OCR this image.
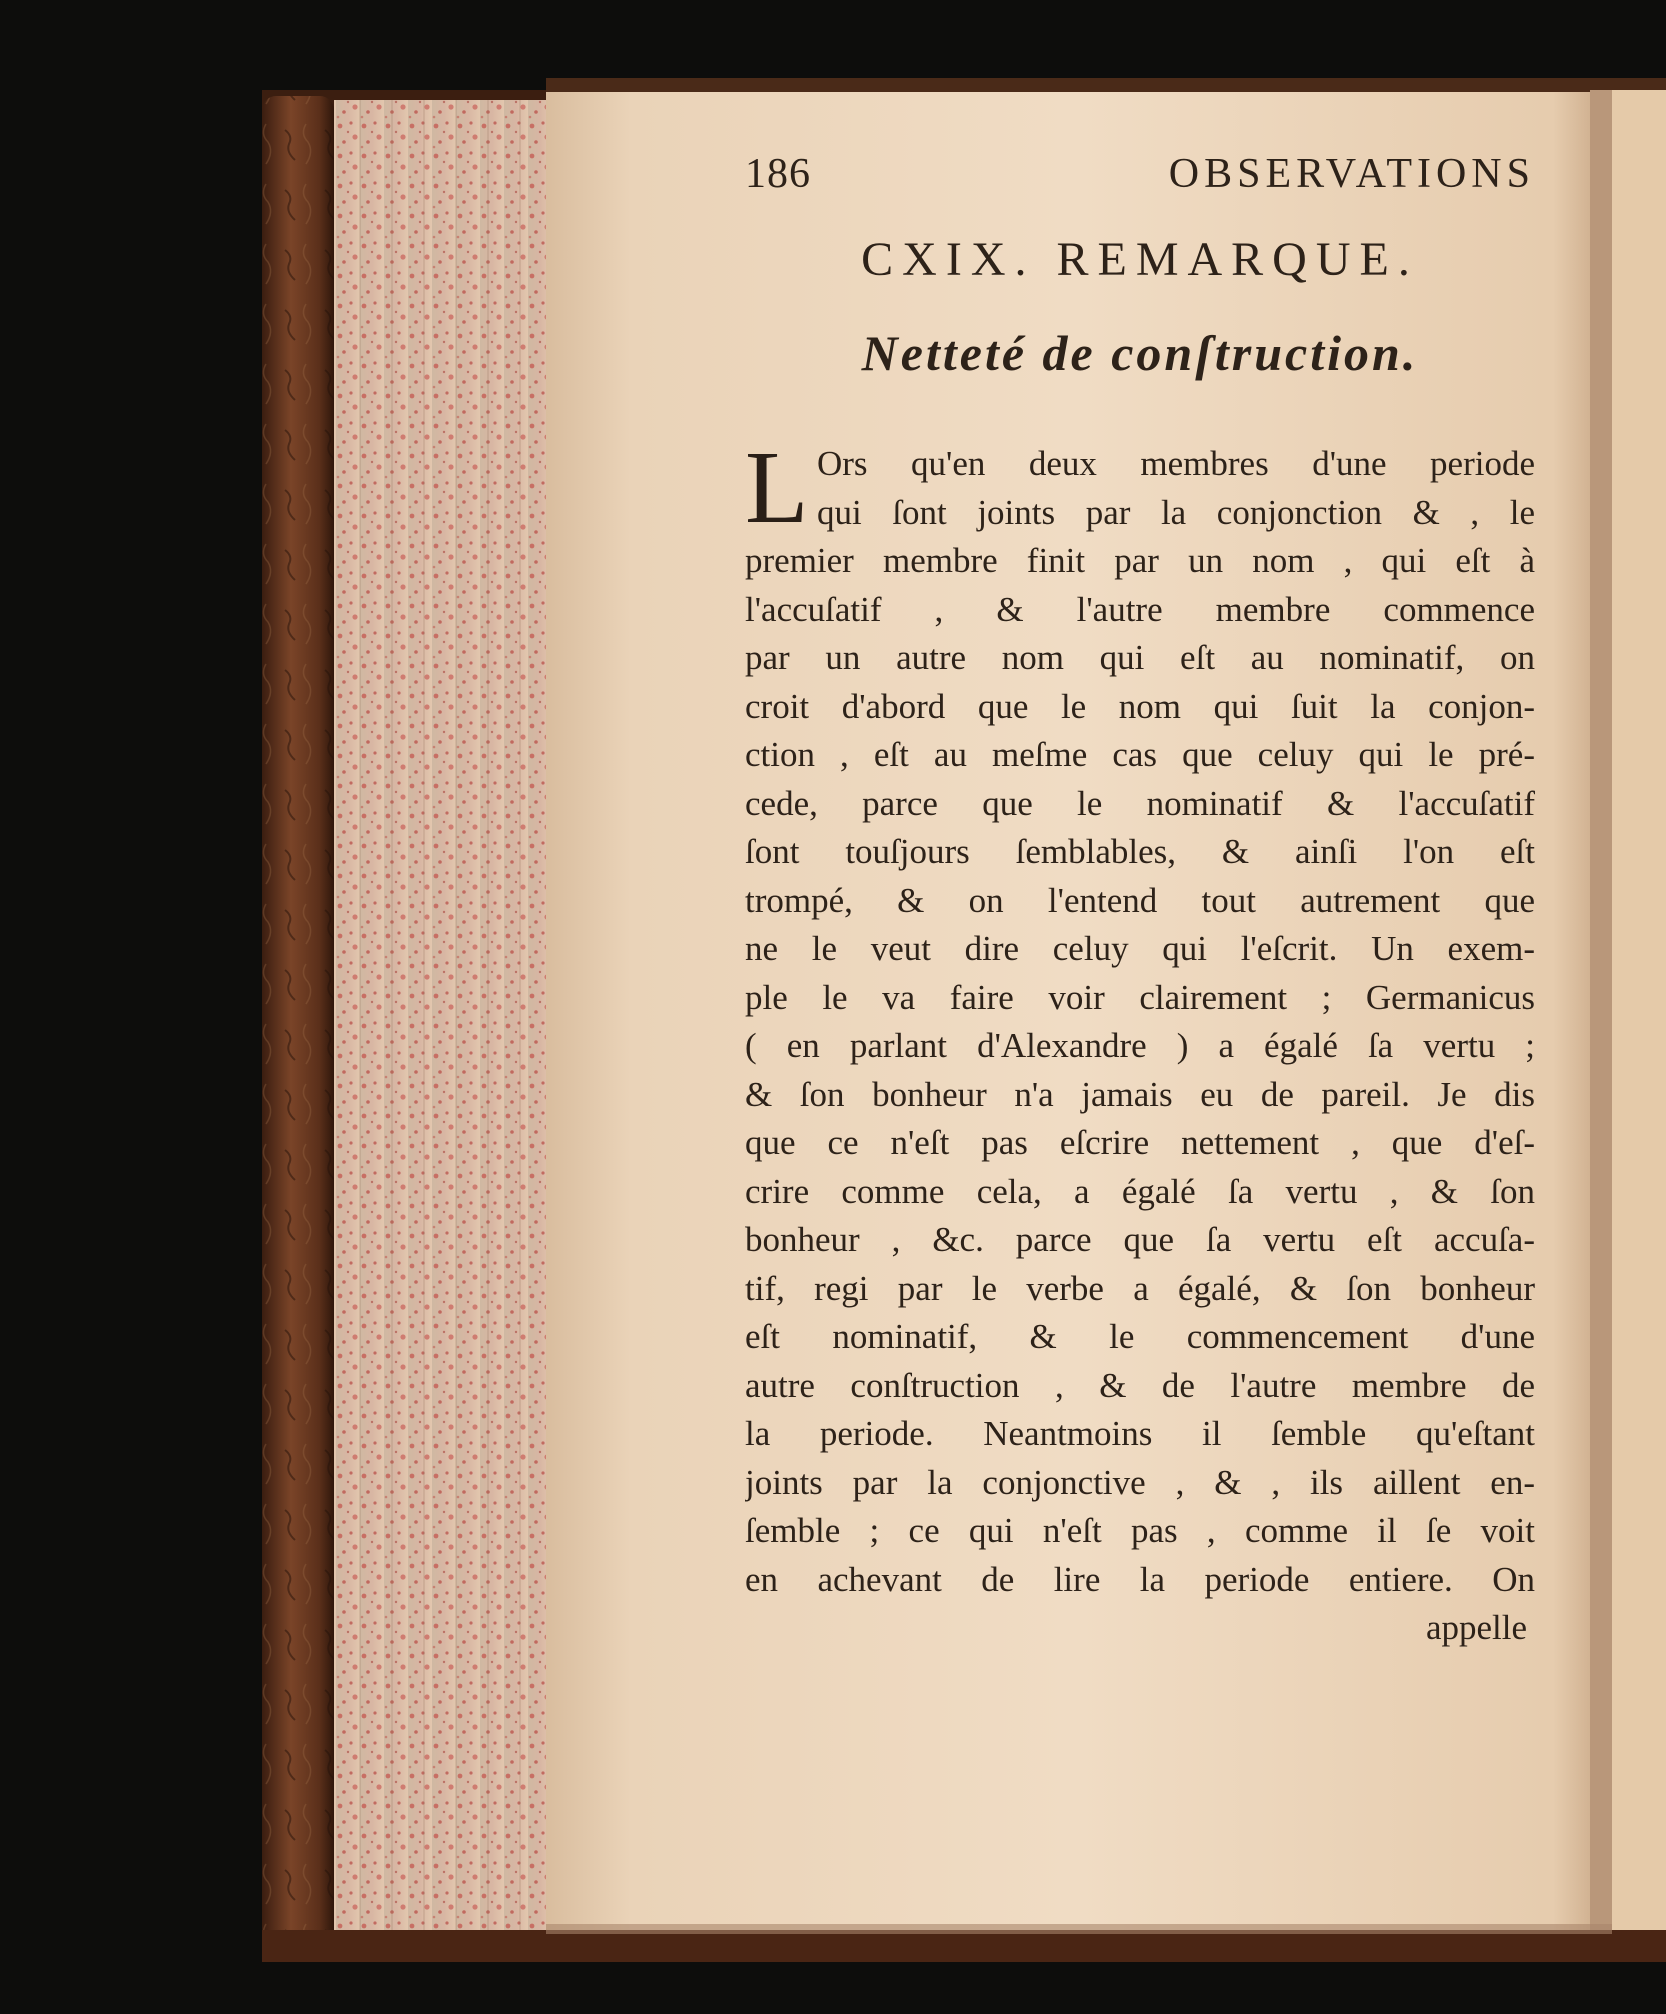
186	OBSERVATIONS
CXIX. REMARQUE.
Netteté de conſtruction.
L Ors qu'en deux membres d'une periode
qui ſont joints par la conjonction & , le
premier membre finit par un nom , qui eſt à
l'accuſatif , & l'autre membre commence
par un autre nom qui eſt au nominatif, on
croit d'abord que le nom qui ſuit la conjon-
ction , eſt au meſme cas que celuy qui le pré-
cede, parce que le nominatif & l'accuſatif
ſont touſjours ſemblables, & ainſi l'on eſt
trompé, & on l'entend tout autrement que
ne le veut dire celuy qui l'eſcrit. Un exem-
ple le va faire voir clairement ; Germanicus
( en parlant d'Alexandre ) a égalé ſa vertu ;
& ſon bonheur n'a jamais eu de pareil. Je dis
que ce n'eſt pas eſcrire nettement , que d'eſ-
crire comme cela, a égalé ſa vertu , & ſon
bonheur , &c. parce que ſa vertu eſt accuſa-
tif, regi par le verbe a égalé, & ſon bonheur
eſt nominatif, & le commencement d'une
autre conſtruction , & de l'autre membre de
la periode. Neantmoins il ſemble qu'eſtant
joints par la conjonctive , & , ils aillent en-
ſemble ; ce qui n'eſt pas , comme il ſe voit
en achevant de lire la periode entiere. On
appelle
